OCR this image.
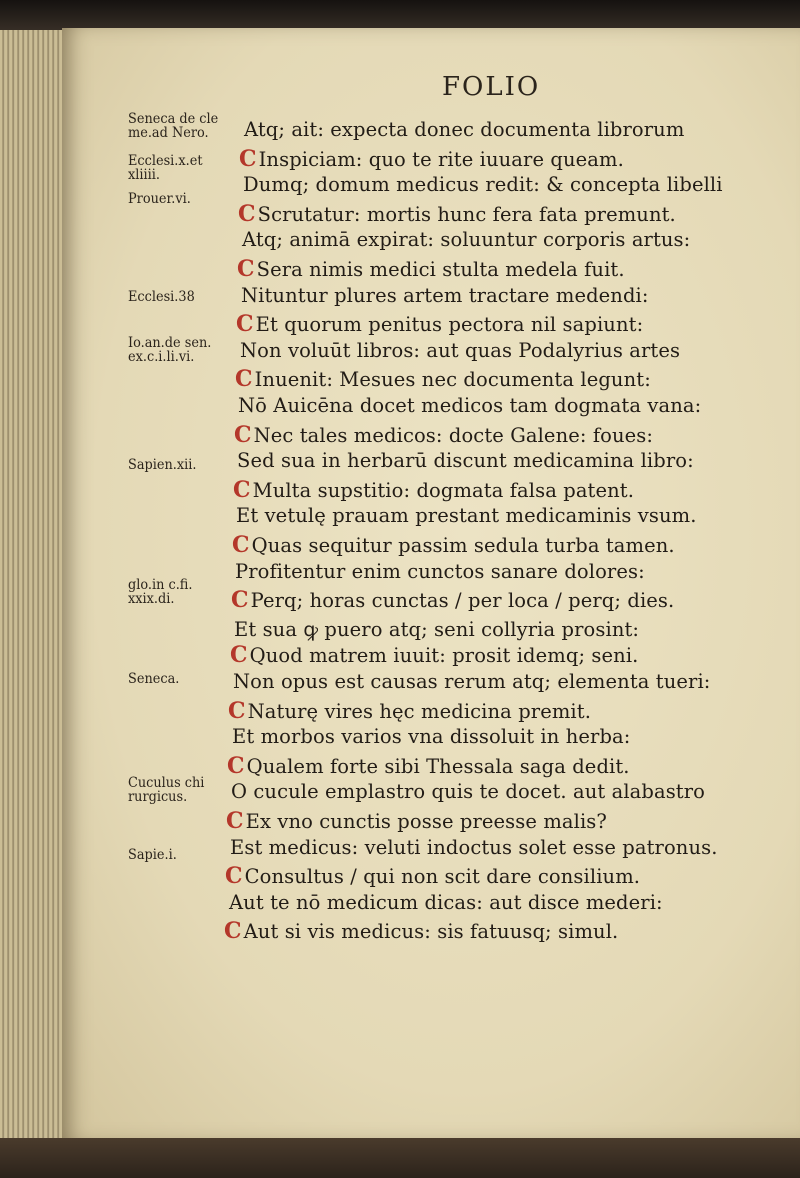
FOLIO
Seneca de cle
me.ad Nero.
Ecclesi.x.et
xliiii.
Prouer.vi.
Ecclesi.38
Io.an.de sen.
ex.c.i.li.vi.
Sapien.xii.
glo.in c.fi.
xxix.di.
Seneca.
Cuculus chi
rurgicus.
Sapie.i.
Atq; ait: expecta donec documenta librorum
C Inspiciam: quo te rite iuuare queam.
Dumq; domum medicus redit: & concepta libelli
C Scrutatur: mortis hunc fera fata premunt.
Atq; animā expirat: soluuntur corporis artus:
C Sera nimis medici stulta medela fuit.
Nituntur plures artem tractare medendi:
C Et quorum penitus pectora nil sapiunt:
Non voluūt libros: aut quas Podalyrius artes
C Inuenit: Mesues nec documenta legunt:
Nō Auicēna docet medicos tam dogmata vana:
C Nec tales medicos: docte Galene: foues:
Sed sua in herbarū discunt medicamina libro:
C Multa supstitio: dogmata falsa patent.
Et vetulę prauam prestant medicaminis vsum.
C Quas sequitur passim sedula turba tamen.
Profitentur enim cunctos sanare dolores:
C Perq; horas cunctas / per loca / perq; dies.
Et sua ꝙ puero atq; seni collyria prosint:
C Quod matrem iuuit: prosit idemq; seni.
Non opus est causas rerum atq; elementa tueri:
C Naturę vires hęc medicina premit.
Et morbos varios vna dissoluit in herba:
C Qualem forte sibi Thessala saga dedit.
O cucule emplastro quis te docet. aut alabastro
C Ex vno cunctis posse preesse malis?
Est medicus: veluti indoctus solet esse patronus.
C Consultus / qui non scit dare consilium.
Aut te nō medicum dicas: aut disce mederi:
C Aut si vis medicus: sis fatuusq; simul.
